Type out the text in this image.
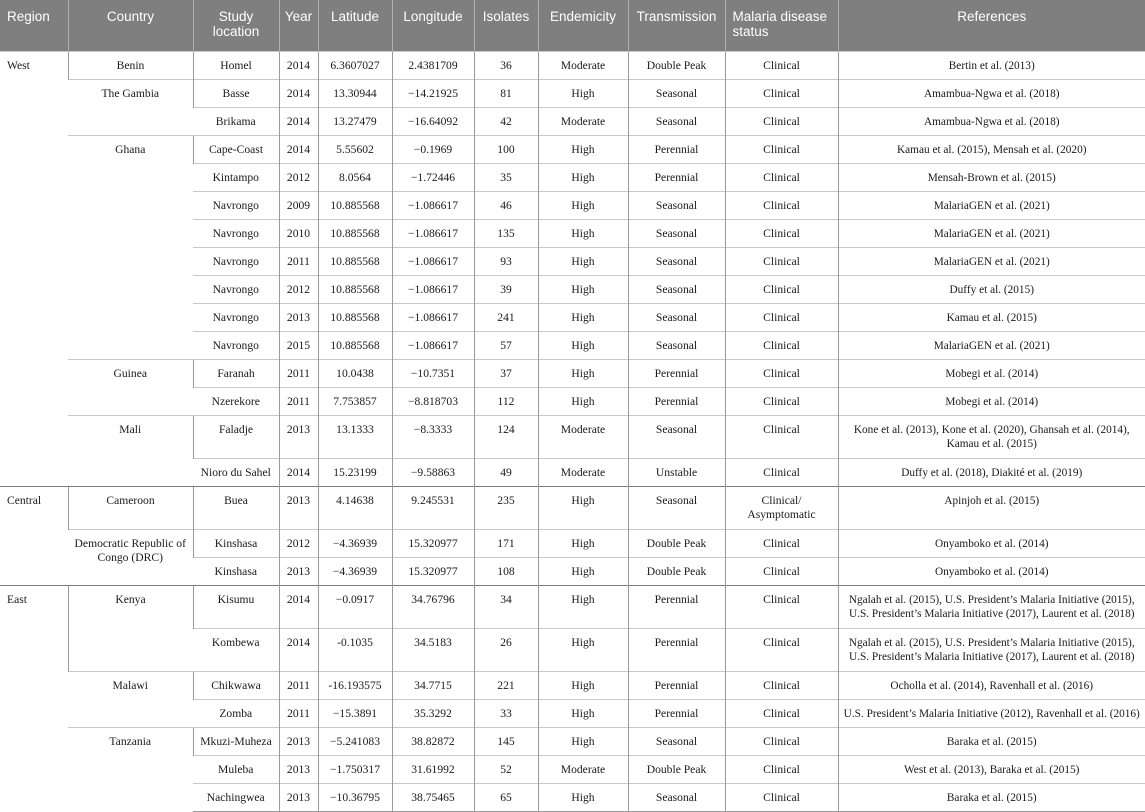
Region	Country	Study location	Year	Latitude	Longitude	Isolates	Endemicity	Transmission	Malaria disease status	References
West	Benin	Homel	2014	6.3607027	2.4381709	36	Moderate	Double Peak	Clinical	Bertin et al. (2013)
	The Gambia	Basse	2014	13.30944	−14.21925	81	High	Seasonal	Clinical	Amambua-Ngwa et al. (2018)
		Brikama	2014	13.27479	−16.64092	42	Moderate	Seasonal	Clinical	Amambua-Ngwa et al. (2018)
	Ghana	Cape-Coast	2014	5.55602	−0.1969	100	High	Perennial	Clinical	Kamau et al. (2015), Mensah et al. (2020)
		Kintampo	2012	8.0564	−1.72446	35	High	Perennial	Clinical	Mensah-Brown et al. (2015)
		Navrongo	2009	10.885568	−1.086617	46	High	Seasonal	Clinical	MalariaGEN et al. (2021)
		Navrongo	2010	10.885568	−1.086617	135	High	Seasonal	Clinical	MalariaGEN et al. (2021)
		Navrongo	2011	10.885568	−1.086617	93	High	Seasonal	Clinical	MalariaGEN et al. (2021)
		Navrongo	2012	10.885568	−1.086617	39	High	Seasonal	Clinical	Duffy et al. (2015)
		Navrongo	2013	10.885568	−1.086617	241	High	Seasonal	Clinical	Kamau et al. (2015)
		Navrongo	2015	10.885568	−1.086617	57	High	Seasonal	Clinical	MalariaGEN et al. (2021)
	Guinea	Faranah	2011	10.0438	−10.7351	37	High	Perennial	Clinical	Mobegi et al. (2014)
		Nzerekore	2011	7.753857	−8.818703	112	High	Perennial	Clinical	Mobegi et al. (2014)
	Mali	Faladje	2013	13.1333	−8.3333	124	Moderate	Seasonal	Clinical	Kone et al. (2013), Kone et al. (2020), Ghansah et al. (2014), Kamau et al. (2015)
		Nioro du Sahel	2014	15.23199	−9.58863	49	Moderate	Unstable	Clinical	Duffy et al. (2018), Diakité et al. (2019)
Central	Cameroon	Buea	2013	4.14638	9.245531	235	High	Seasonal	Clinical/ Asymptomatic	Apinjoh et al. (2015)
	Democratic Republic of Congo (DRC)	Kinshasa	2012	−4.36939	15.320977	171	High	Double Peak	Clinical	Onyamboko et al. (2014)
		Kinshasa	2013	−4.36939	15.320977	108	High	Double Peak	Clinical	Onyamboko et al. (2014)
East	Kenya	Kisumu	2014	−0.0917	34.76796	34	High	Perennial	Clinical	Ngalah et al. (2015), U.S. President’s Malaria Initiative (2015), U.S. President’s Malaria Initiative (2017), Laurent et al. (2018)
		Kombewa	2014	-0.1035	34.5183	26	High	Perennial	Clinical	Ngalah et al. (2015), U.S. President’s Malaria Initiative (2015), U.S. President’s Malaria Initiative (2017), Laurent et al. (2018)
	Malawi	Chikwawa	2011	-16.193575	34.7715	221	High	Perennial	Clinical	Ocholla et al. (2014), Ravenhall et al. (2016)
		Zomba	2011	−15.3891	35.3292	33	High	Perennial	Clinical	U.S. President’s Malaria Initiative (2012), Ravenhall et al. (2016)
	Tanzania	Mkuzi-Muheza	2013	−5.241083	38.82872	145	High	Seasonal	Clinical	Baraka et al. (2015)
		Muleba	2013	−1.750317	31.61992	52	Moderate	Double Peak	Clinical	West et al. (2013), Baraka et al. (2015)
		Nachingwea	2013	−10.36795	38.75465	65	High	Seasonal	Clinical	Baraka et al. (2015)
